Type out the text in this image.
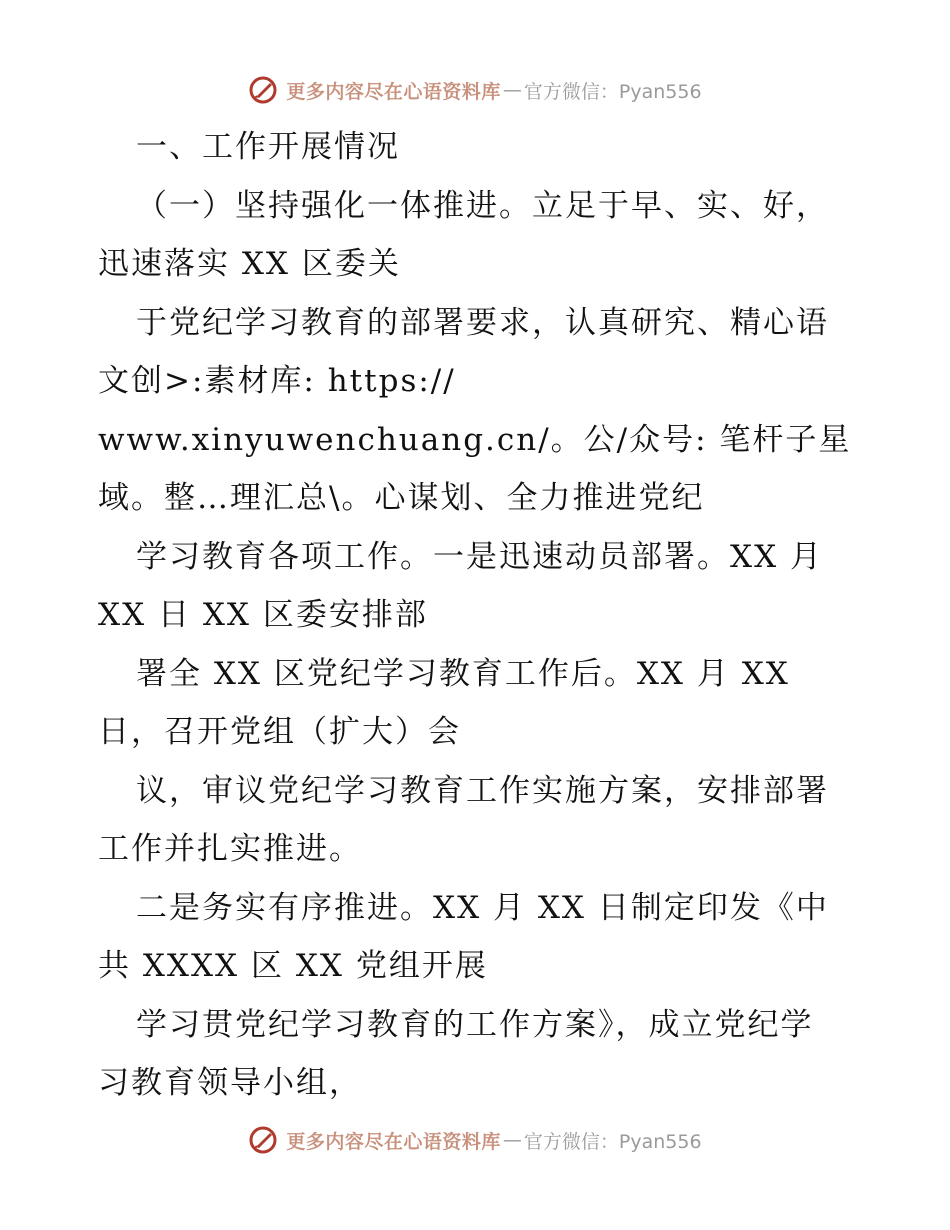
更多内容尽在心语资料库 — 官方微信：Pyan556
一、工作开展情况
（一）坚持强化一体推进。立足于早、实、好，
迅速落实 XX 区委关
于党纪学习教育的部署要求，认真研究、精心语
文创>:素材库: https://
www.xinyuwenchuang.cn/。公/众号: 笔杆子星
域。整…理汇总\。心谋划、全力推进党纪
学习教育各项工作。一是迅速动员部署。XX 月
XX 日 XX 区委安排部
署全 XX 区党纪学习教育工作后。XX 月 XX
日，召开党组（扩大）会
议，审议党纪学习教育工作实施方案，安排部署
工作并扎实推进。
二是务实有序推进。XX 月 XX 日制定印发《中
共 XXXX 区 XX 党组开展
学习贯党纪学习教育的工作方案》，成立党纪学
习教育领导小组，
更多内容尽在心语资料库 — 官方微信：Pyan556
